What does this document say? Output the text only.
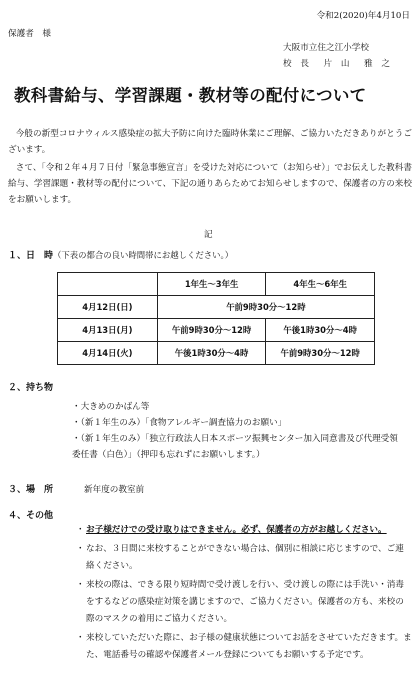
令和2(2020)年4月10日
保護者　様
大阪市立住之江小学校
校 長　片 山　雅 之
教科書給与、学習課題・教材等の配付について
今般の新型コロナウィルス感染症の拡大予防に向けた臨時休業にご理解、ご協力いただきありがとうございます。
さて、「令和２年４月７日付「緊急事態宣言」を受けた対応について（お知らせ）」でお伝えした教科書給与、学習課題・教材等の配付について、下記の通りあらためてお知らせしますので、保護者の方の来校をお願いします。
記
１、日　時（下表の都合の良い時間帯にお越しください。）
	1年生～3年生	4年生～6年生
4月12日(日)	午前9時30分～12時	
4月13日(月)	午前9時30分～12時	午後1時30分～4時
4月14日(火)	午後1時30分～4時	午前9時30分～12時
２、持ち物
・大きめのかばん等
・（新１年生のみ）「食物アレルギー調査協力のお願い」
・（新１年生のみ）「独立行政法人日本スポーツ振興センター加入同意書及び代理受領委任書（白色）」（押印も忘れずにお願いします。）
３、場　所	新年度の教室前
４、その他
・ お子様だけでの受け取りはできません。必ず、保護者の方がお越しください。
・ なお、３日間に来校することができない場合は、個別に相談に応じますので、ご連絡ください。
・ 来校の際は、できる限り短時間で受け渡しを行い、受け渡しの際には手洗い・消毒をするなどの感染症対策を講じますので、ご協力ください。保護者の方も、来校の際のマスクの着用にご協力ください。
・ 来校していただいた際に、お子様の健康状態についてお話をさせていただきます。また、電話番号の確認や保護者メール登録についてもお願いする予定です。
